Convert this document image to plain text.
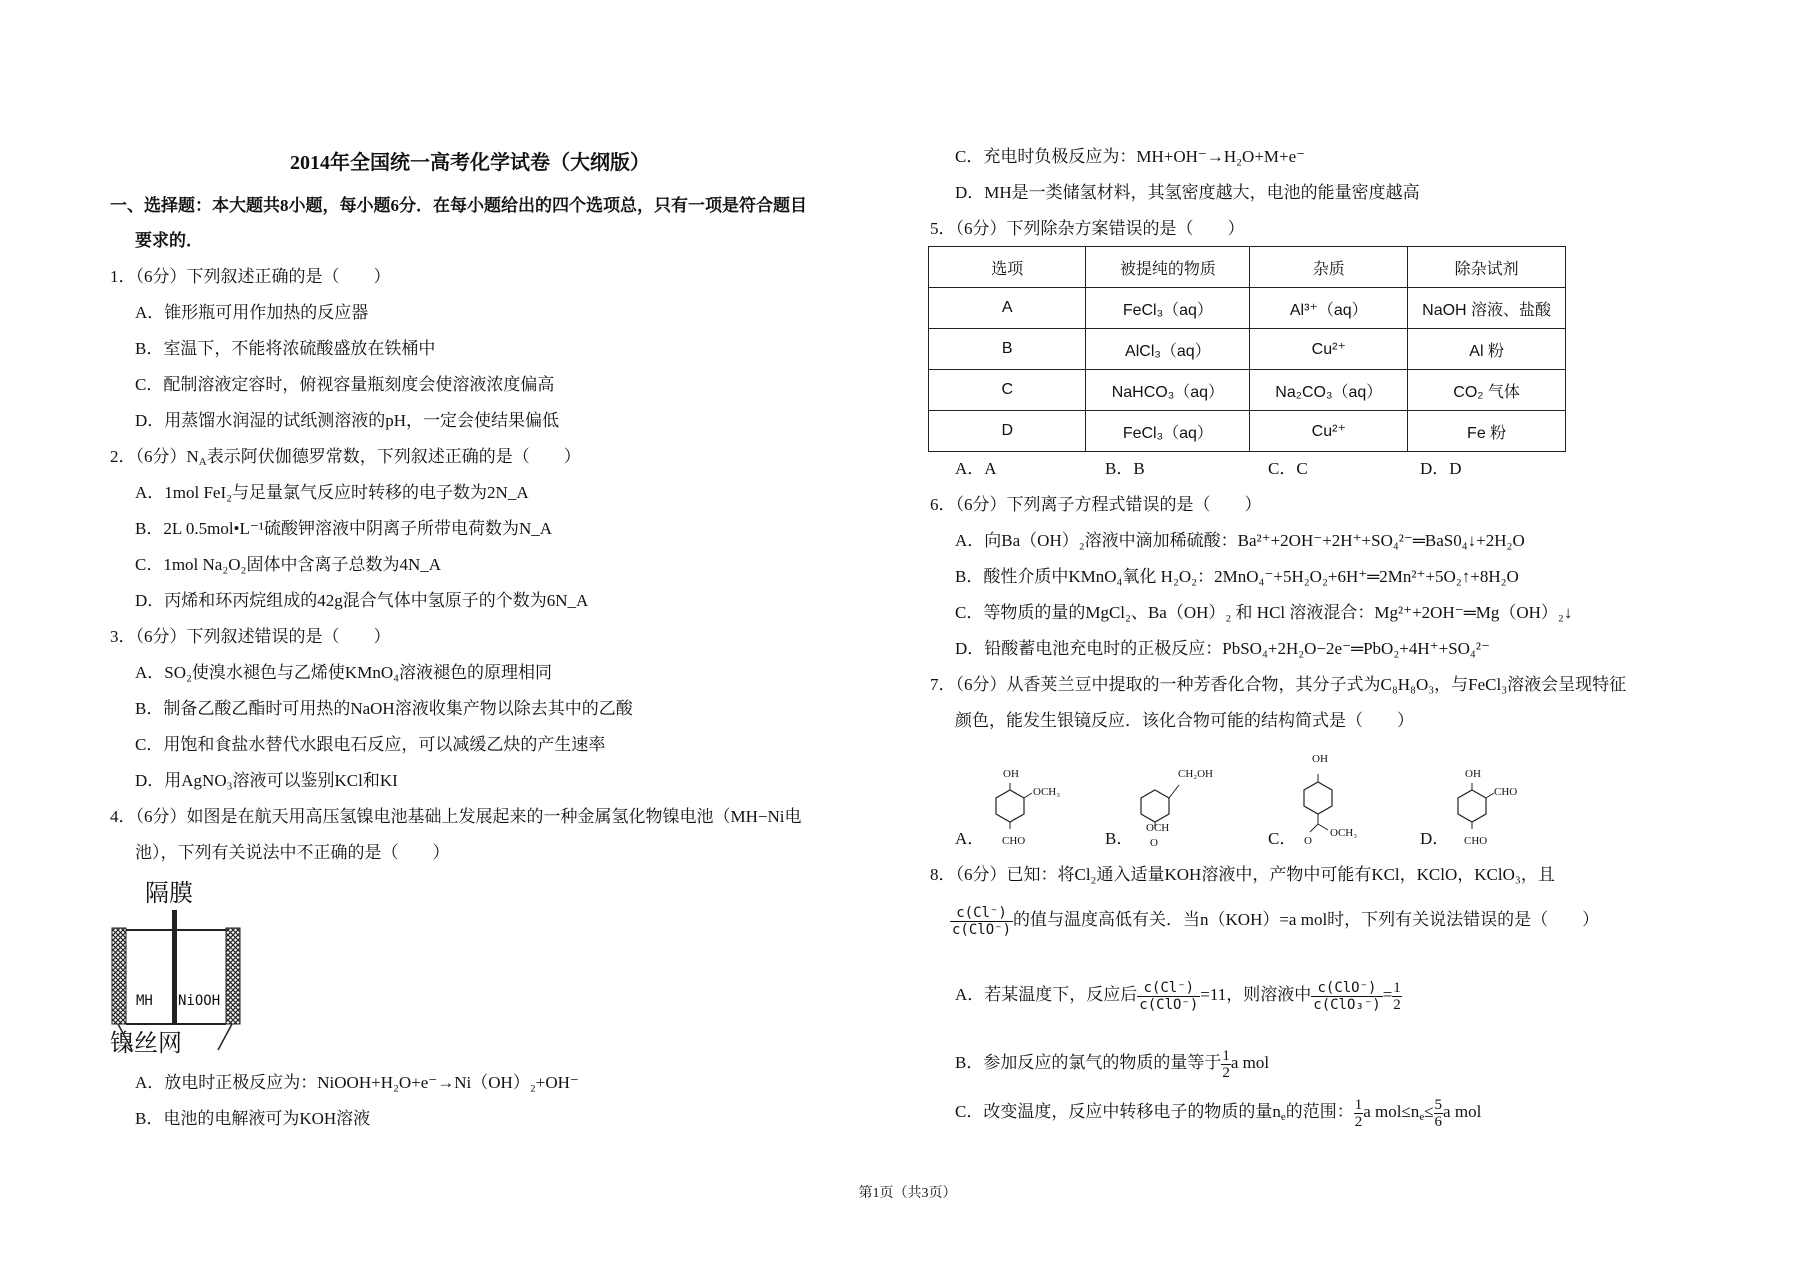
2014年全国统一高考化学试卷（大纲版）
一、选择题：本大题共8小题，每小题6分．在每小题给出的四个选项总，只有一项是符合题目
要求的．
1．（6分）下列叙述正确的是（　　）
A．锥形瓶可用作加热的反应器
B．室温下，不能将浓硫酸盛放在铁桶中
C．配制溶液定容时，俯视容量瓶刻度会使溶液浓度偏高
D．用蒸馏水润湿的试纸测溶液的pH，一定会使结果偏低
2．（6分）$N_A$表示阿伏伽德罗常数，下列叙述正确的是（　　）
A．1mol FeI₂与足量氯气反应时转移的电子数为2N_A
B．2L 0.5mol•L⁻¹硫酸钾溶液中阴离子所带电荷数为N_A
C．1mol Na₂O₂固体中含离子总数为4N_A
D．丙烯和环丙烷组成的42g混合气体中氢原子的个数为6N_A
3．（6分）下列叙述错误的是（　　）
A．SO₂使溴水褪色与乙烯使KMnO₄溶液褪色的原理相同
B．制备乙酸乙酯时可用热的NaOH溶液收集产物以除去其中的乙酸
C．用饱和食盐水替代水跟电石反应，可以减缓乙炔的产生速率
D．用AgNO₃溶液可以鉴别KCl和KI
4．（6分）如图是在航天用高压氢镍电池基础上发展起来的一种金属氢化物镍电池（MH−Ni电
池），下列有关说法中不正确的是（　　）
隔膜
MH NiOOH
镍丝网
A．放电时正极反应为：NiOOH+H₂O+e⁻→Ni（OH）₂+OH⁻
B．电池的电解液可为KOH溶液
C．充电时负极反应为：MH+OH⁻→H₂O+M+e⁻
D．MH是一类储氢材料，其氢密度越大，电池的能量密度越高
5．（6分）下列除杂方案错误的是（　　）
选项	被提纯的物质	杂质	除杂试剂
A	FeCl₃（aq）	Al³⁺（aq）	NaOH 溶液、盐酸
B	AlCl₃（aq）	Cu²⁺	Al 粉
C	NaHCO₃（aq）	Na₂CO₃（aq）	CO₂ 气体
D	FeCl₃（aq）	Cu²⁺	Fe 粉
A．A	B．B	C．C	D．D
6．（6分）下列离子方程式错误的是（　　）
A．向Ba（OH）₂溶液中滴加稀硫酸：Ba²⁺+2OH⁻+2H⁺+SO₄²⁻═BaS0₄↓+2H₂O
B．酸性介质中KMnO₄氧化 H₂O₂：2MnO₄⁻+5H₂O₂+6H⁺═2Mn²⁺+5O₂↑+8H₂O
C．等物质的量的MgCl₂、Ba（OH）₂ 和 HCl 溶液混合：Mg²⁺+2OH⁻═Mg（OH）₂↓
D．铅酸蓄电池充电时的正极反应：PbSO₄+2H₂O−2e⁻═PbO₂+4H⁺+SO₄²⁻
7．（6分）从香荚兰豆中提取的一种芳香化合物，其分子式为C₈H₈O₃，与FeCl₃溶液会呈现特征
颜色，能发生银镜反应．该化合物可能的结构简式是（　　）
A．	B．	C．	D．
OH
OCH₃
CHO
CH₂OH
OCH
O
OH
OCH₃
O
OH
CHO
CHO
8．（6分）已知：将Cl₂通入适量KOH溶液中，产物中可能有KCl，KClO，KClO₃，且
$\frac{c(Cl^-)}{\text{c(ClO⁻)}}$ 的值与温度高低有关．当n（KOH）=a mol时，下列有关说法错误的是（　　）
A．若某温度下，反应后 $\frac{c(Cl^-)}{\text{c(ClO⁻)}} =11$，则溶液中 $\frac{\text{c(ClO⁻)}}{\text{c(ClO₃⁻)}} = \frac{1}{2}$
B．参加反应的氯气的物质的量等于 $\frac{1}{2}$ a mol
C．改变温度，反应中转移电子的物质的量$n_e$的范围： $\frac{1}{2}$ a $mol\le n_e\le \frac{5}{6}$ a mol
第1页（共3页）
